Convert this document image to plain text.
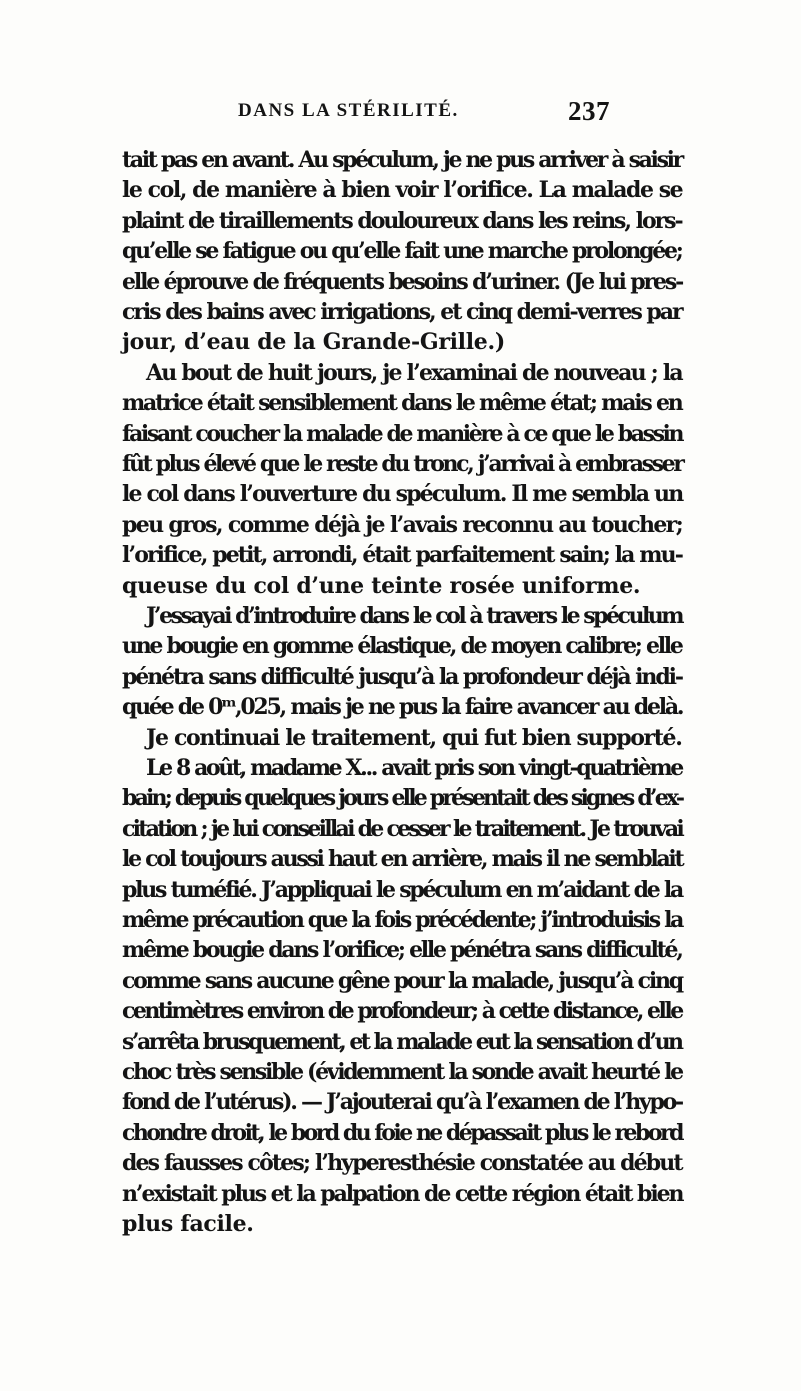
DANS LA STÉRILITÉ.	237
tait pas en avant. Au spéculum, je ne pus arriver à saisir
le col, de manière à bien voir l’orifice. La malade se
plaint de tiraillements douloureux dans les reins, lors-
qu’elle se fatigue ou qu’elle fait une marche prolongée;
elle éprouve de fréquents besoins d’uriner. (Je lui pres-
cris des bains avec irrigations, et cinq demi-verres par
jour, d’eau de la Grande-Grille.)
Au bout de huit jours, je l’examinai de nouveau ; la
matrice était sensiblement dans le même état; mais en
faisant coucher la malade de manière à ce que le bassin
fût plus élevé que le reste du tronc, j’arrivai à embrasser
le col dans l’ouverture du spéculum. Il me sembla un
peu gros, comme déjà je l’avais reconnu au toucher;
l’orifice, petit, arrondi, était parfaitement sain; la mu-
queuse du col d’une teinte rosée uniforme.
J’essayai d’introduire dans le col à travers le spéculum
une bougie en gomme élastique, de moyen calibre; elle
pénétra sans difficulté jusqu’à la profondeur déjà indi-
quée de 0ᵐ,025, mais je ne pus la faire avancer au delà.
Je continuai le traitement, qui fut bien supporté.
Le 8 août, madame X... avait pris son vingt-quatrième
bain; depuis quelques jours elle présentait des signes d’ex-
citation ; je lui conseillai de cesser le traitement. Je trouvai
le col toujours aussi haut en arrière, mais il ne semblait
plus tuméfié. J’appliquai le spéculum en m’aidant de la
même précaution que la fois précédente; j’introduisis la
même bougie dans l’orifice; elle pénétra sans difficulté,
comme sans aucune gêne pour la malade, jusqu’à cinq
centimètres environ de profondeur; à cette distance, elle
s’arrêta brusquement, et la malade eut la sensation d’un
choc très sensible (évidemment la sonde avait heurté le
fond de l’utérus). — J’ajouterai qu’à l’examen de l’hypo-
chondre droit, le bord du foie ne dépassait plus le rebord
des fausses côtes; l’hyperesthésie constatée au début
n’existait plus et la palpation de cette région était bien
plus facile.
